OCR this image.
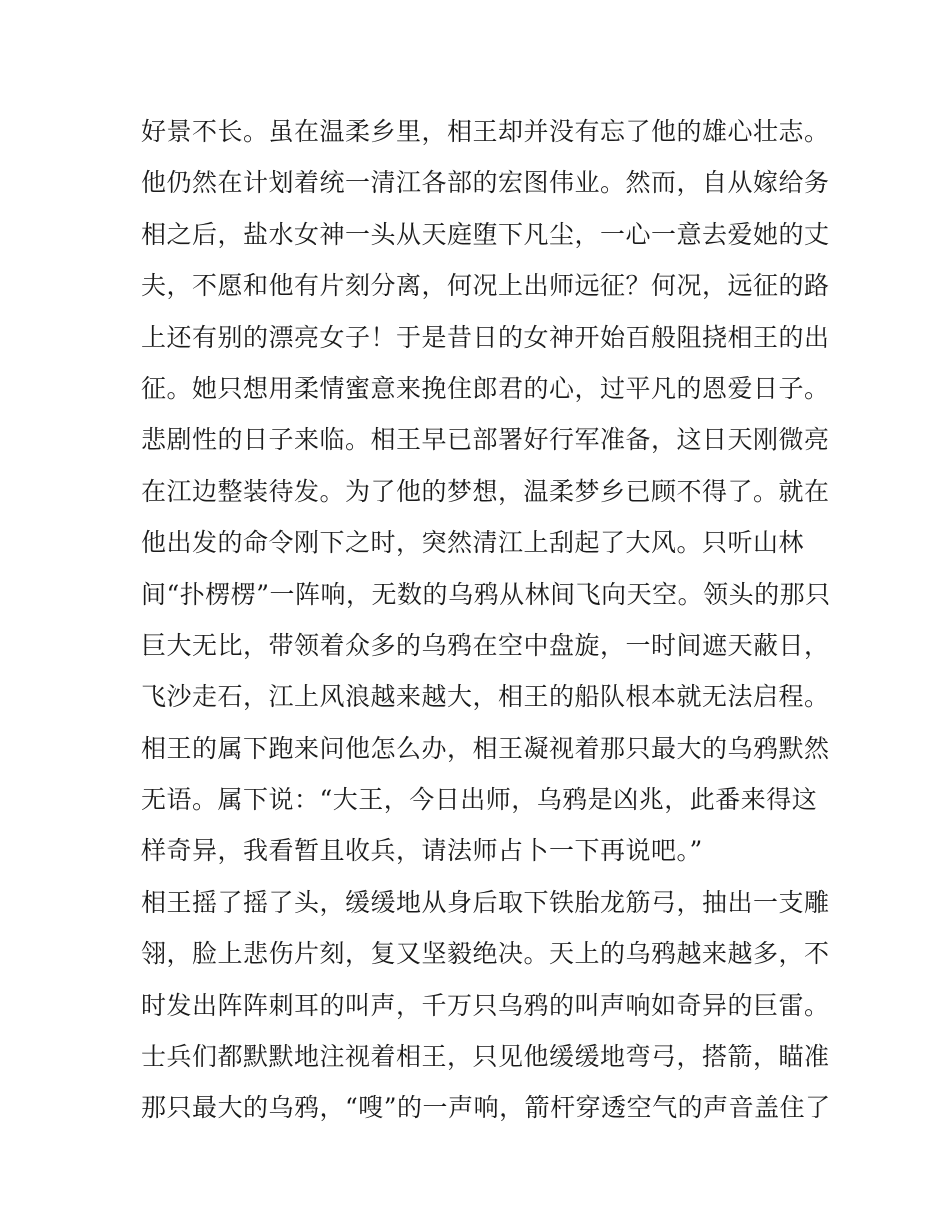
好景不长。虽在温柔乡里，相王却并没有忘了他的雄心壮志。
他仍然在计划着统一清江各部的宏图伟业。然而，自从嫁给务
相之后，盐水女神一头从天庭堕下凡尘，一心一意去爱她的丈
夫，不愿和他有片刻分离，何况上出师远征？何况，远征的路
上还有别的漂亮女子！于是昔日的女神开始百般阻挠相王的出
征。她只想用柔情蜜意来挽住郎君的心，过平凡的恩爱日子。
悲剧性的日子来临。相王早已部署好行军准备，这日天刚微亮
在江边整装待发。为了他的梦想，温柔梦乡已顾不得了。就在
他出发的命令刚下之时，突然清江上刮起了大风。只听山林
间“扑楞楞”一阵响，无数的乌鸦从林间飞向天空。领头的那只
巨大无比，带领着众多的乌鸦在空中盘旋，一时间遮天蔽日，
飞沙走石，江上风浪越来越大，相王的船队根本就无法启程。
相王的属下跑来问他怎么办，相王凝视着那只最大的乌鸦默然
无语。属下说：“大王，今日出师，乌鸦是凶兆，此番来得这
样奇异，我看暂且收兵，请法师占卜一下再说吧。”
相王摇了摇了头，缓缓地从身后取下铁胎龙筋弓，抽出一支雕
翎，脸上悲伤片刻，复又坚毅绝决。天上的乌鸦越来越多，不
时发出阵阵刺耳的叫声，千万只乌鸦的叫声响如奇异的巨雷。
士兵们都默默地注视着相王，只见他缓缓地弯弓，搭箭，瞄准
那只最大的乌鸦，“嗖”的一声响，箭杆穿透空气的声音盖住了
